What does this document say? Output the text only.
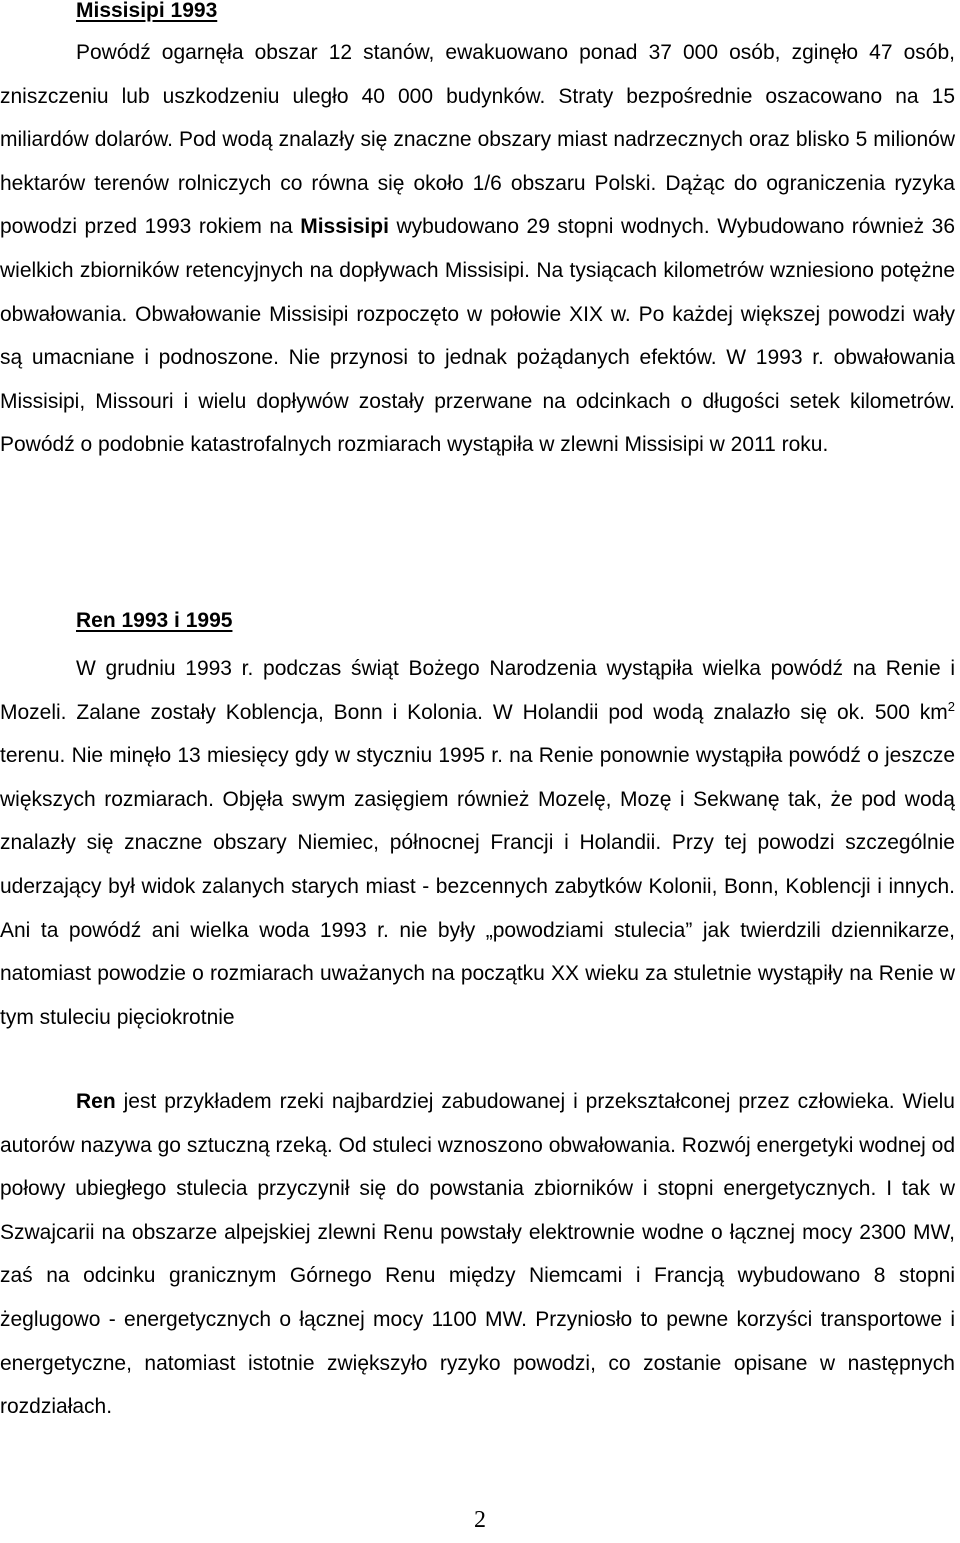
Missisipi 1993

Powódź ogarnęła obszar 12 stanów, ewakuowano ponad 37 000 osób, zginęło 47 osób, zniszczeniu lub uszkodzeniu uległo 40 000 budynków. Straty bezpośrednie oszacowano na 15 miliardów dolarów. Pod wodą znalazły się znaczne obszary miast nadrzecznych oraz blisko 5 milionów hektarów terenów rolniczych co równa się około 1/6 obszaru Polski. Dążąc do ograniczenia ryzyka powodzi przed 1993 rokiem na Missisipi wybudowano 29 stopni wodnych. Wybudowano również 36 wielkich zbiorników retencyjnych na dopływach Missisipi. Na tysiącach kilometrów wzniesiono potężne obwałowania. Obwałowanie Missisipi rozpoczęto w połowie XIX w. Po każdej większej powodzi wały są umacniane i podnoszone. Nie przynosi to jednak pożądanych efektów. W 1993 r. obwałowania Missisipi, Missouri i wielu dopływów zostały przerwane na odcinkach o długości setek kilometrów. Powódź o podobnie katastrofalnych rozmiarach wystąpiła w zlewni Missisipi w 2011 roku.

Ren 1993 i 1995

W grudniu 1993 r. podczas świąt Bożego Narodzenia wystąpiła wielka powódź na Renie i Mozeli. Zalane zostały Koblencja, Bonn i Kolonia. W Holandii pod wodą znalazło się ok. 500 $km^2$ terenu. Nie minęło 13 miesięcy gdy w styczniu 1995 r. na Renie ponownie wystąpiła powódź o jeszcze większych rozmiarach. Objęła swym zasięgiem również Mozelę, Mozę i Sekwanę tak, że pod wodą znalazły się znaczne obszary Niemiec, północnej Francji i Holandii. Przy tej powodzi szczególnie uderzający był widok zalanych starych miast - bezcennych zabytków Kolonii, Bonn, Koblencji i innych. Ani ta powódź ani wielka woda 1993 r. nie były „powodziami stulecia” jak twierdzili dziennikarze, natomiast powodzie o rozmiarach uważanych na początku XX wieku za stuletnie wystąpiły na Renie w tym stuleciu pięciokrotnie

Ren jest przykładem rzeki najbardziej zabudowanej i przekształconej przez człowieka. Wielu autorów nazywa go sztuczną rzeką. Od stuleci wznoszono obwałowania. Rozwój energetyki wodnej od połowy ubiegłego stulecia przyczynił się do powstania zbiorników i stopni energetycznych. I tak w Szwajcarii na obszarze alpejskiej zlewni Renu powstały elektrownie wodne o łącznej mocy 2300 MW, zaś na odcinku granicznym Górnego Renu między Niemcami i Francją wybudowano 8 stopni żeglugowo - energetycznych o łącznej mocy 1100 MW. Przyniosło to pewne korzyści transportowe i energetyczne, natomiast istotnie zwiększyło ryzyko powodzi, co zostanie opisane w następnych rozdziałach.

2
